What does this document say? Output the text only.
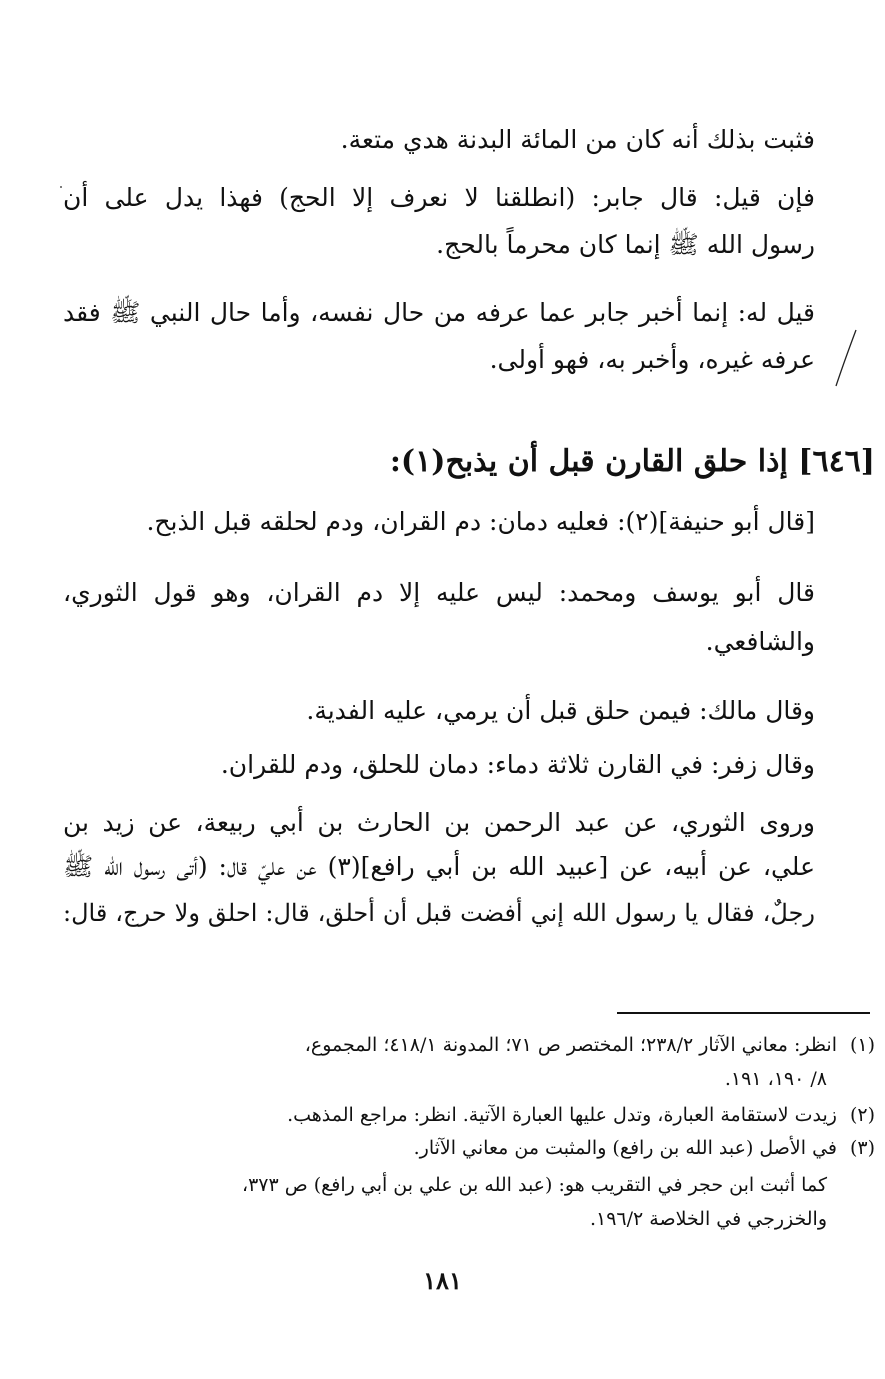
فثبت بذلك أنه كان من المائة البدنة هدي متعة.
فإن قيل: قال جابر: (انطلقنا لا نعرف إلا الحج) فهذا يدل على أن
رسول الله ﷺ إنما كان محرماً بالحج.
قيل له: إنما أخبر جابر عما عرفه من حال نفسه، وأما حال النبي ﷺ فقد
عرفه غيره، وأخبر به، فهو أولى.
[٦٤٦] إذا حلق القارن قبل أن يذبح(١):
[قال أبو حنيفة](٢): فعليه دمان: دم القران، ودم لحلقه قبل الذبح.
قال أبو يوسف ومحمد: ليس عليه إلا دم القران، وهو قول الثوري،
والشافعي.
وقال مالك: فيمن حلق قبل أن يرمي، عليه الفدية.
وقال زفر: في القارن ثلاثة دماء: دمان للحلق، ودم للقران.
وروى الثوري، عن عبد الرحمن بن الحارث بن أبي ربيعة، عن زيد بن
علي، عن أبيه، عن [عبيد الله بن أبي رافع](٣) عن عليّ قال: (أتى رسول الله ﷺ
رجلٌ، فقال يا رسول الله إني أفضت قبل أن أحلق، قال: احلق ولا حرج، قال:
(١)انظر: معاني الآثار ٢٣٨/٢؛ المختصر ص ٧١؛ المدونة ٤١٨/١؛ المجموع،
٨/ ١٩٠، ١٩١.
(٢)زيدت لاستقامة العبارة، وتدل عليها العبارة الآتية. انظر: مراجع المذهب.
(٣)في الأصل (عبد الله بن رافع) والمثبت من معاني الآثار.
كما أثبت ابن حجر في التقريب هو: (عبد الله بن علي بن أبي رافع) ص ٣٧٣،
والخزرجي في الخلاصة ١٩٦/٢.
١٨١
